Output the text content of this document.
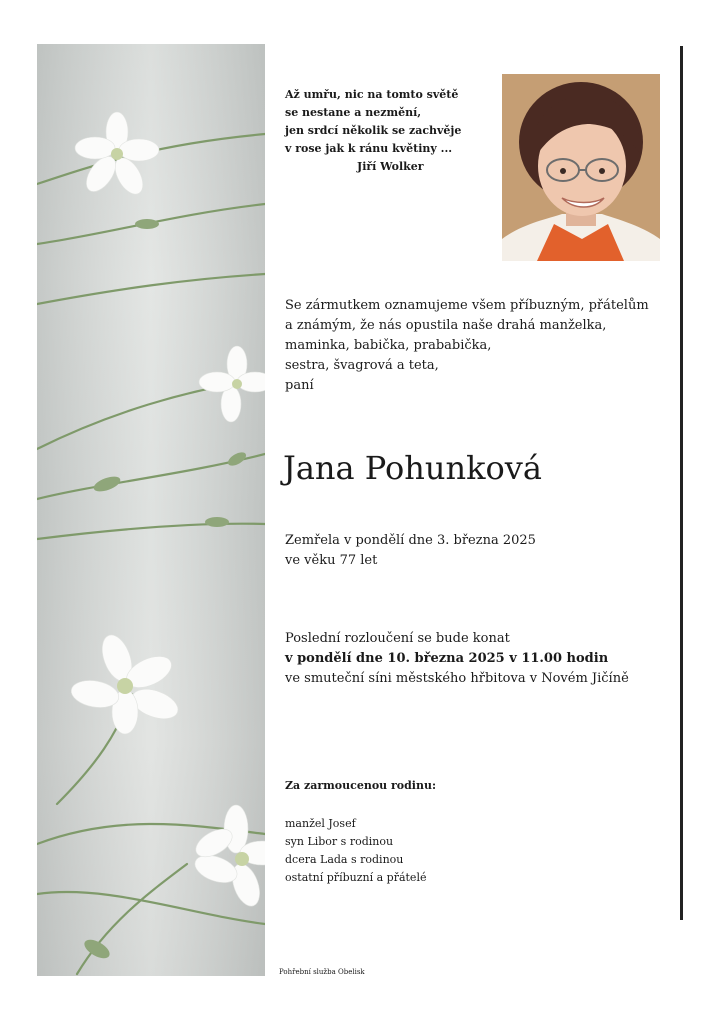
Až umřu, nic na tomto světě
se nestane a nezmění,
jen srdcí několik se zachvěje
v rose jak k ránu květiny ...
Jiří Wolker
Se zármutkem oznamujeme všem příbuzným, přátelům
a známým, že nás opustila naše drahá manželka,
maminka, babička, prababička,
sestra, švagrová a teta,
paní
Jana Pohunková
Zemřela v pondělí dne 3. března 2025
ve věku 77 let
Poslední rozloučení se bude konat
v pondělí dne 10. března 2025 v 11.00 hodin
ve smuteční síni městského hřbitova v Novém Jičíně
Za zarmoucenou rodinu:
manžel Josef
syn Libor s rodinou
dcera Lada s rodinou
ostatní příbuzní a přátelé
Pohřební služba Obelisk
